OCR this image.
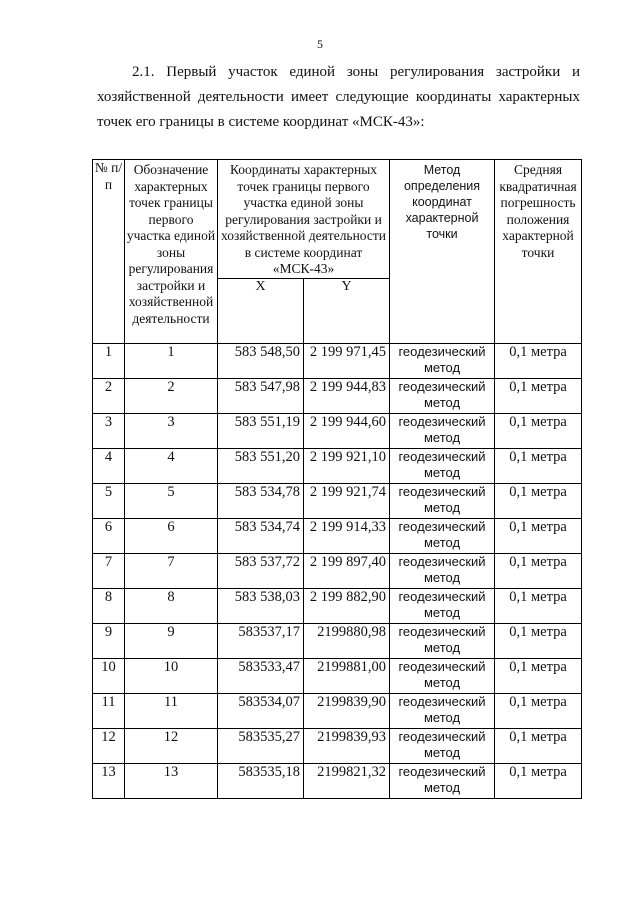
5

2.1. Первый участок единой зоны регулирования застройки и хозяйственной деятельности имеет следующие координаты характерных точек его границы в системе координат «МСК-43»:

№ п/п	Обозначение характерных точек границы первого участка единой зоны регулирования застройки и хозяйственной деятельности	Координаты характерных точек границы первого участка единой зоны регулирования застройки и хозяйственной деятельности в системе координат «МСК-43»		Метод определения координат характерной точки	Средняя квадратичная погрешность положения характерной точки
		X	Y		
1	1	583 548,50	2 199 971,45	геодезический метод	0,1 метра
2	2	583 547,98	2 199 944,83	геодезический метод	0,1 метра
3	3	583 551,19	2 199 944,60	геодезический метод	0,1 метра
4	4	583 551,20	2 199 921,10	геодезический метод	0,1 метра
5	5	583 534,78	2 199 921,74	геодезический метод	0,1 метра
6	6	583 534,74	2 199 914,33	геодезический метод	0,1 метра
7	7	583 537,72	2 199 897,40	геодезический метод	0,1 метра
8	8	583 538,03	2 199 882,90	геодезический метод	0,1 метра
9	9	583537,17	2199880,98	геодезический метод	0,1 метра
10	10	583533,47	2199881,00	геодезический метод	0,1 метра
11	11	583534,07	2199839,90	геодезический метод	0,1 метра
12	12	583535,27	2199839,93	геодезический метод	0,1 метра
13	13	583535,18	2199821,32	геодезический метод	0,1 метра
